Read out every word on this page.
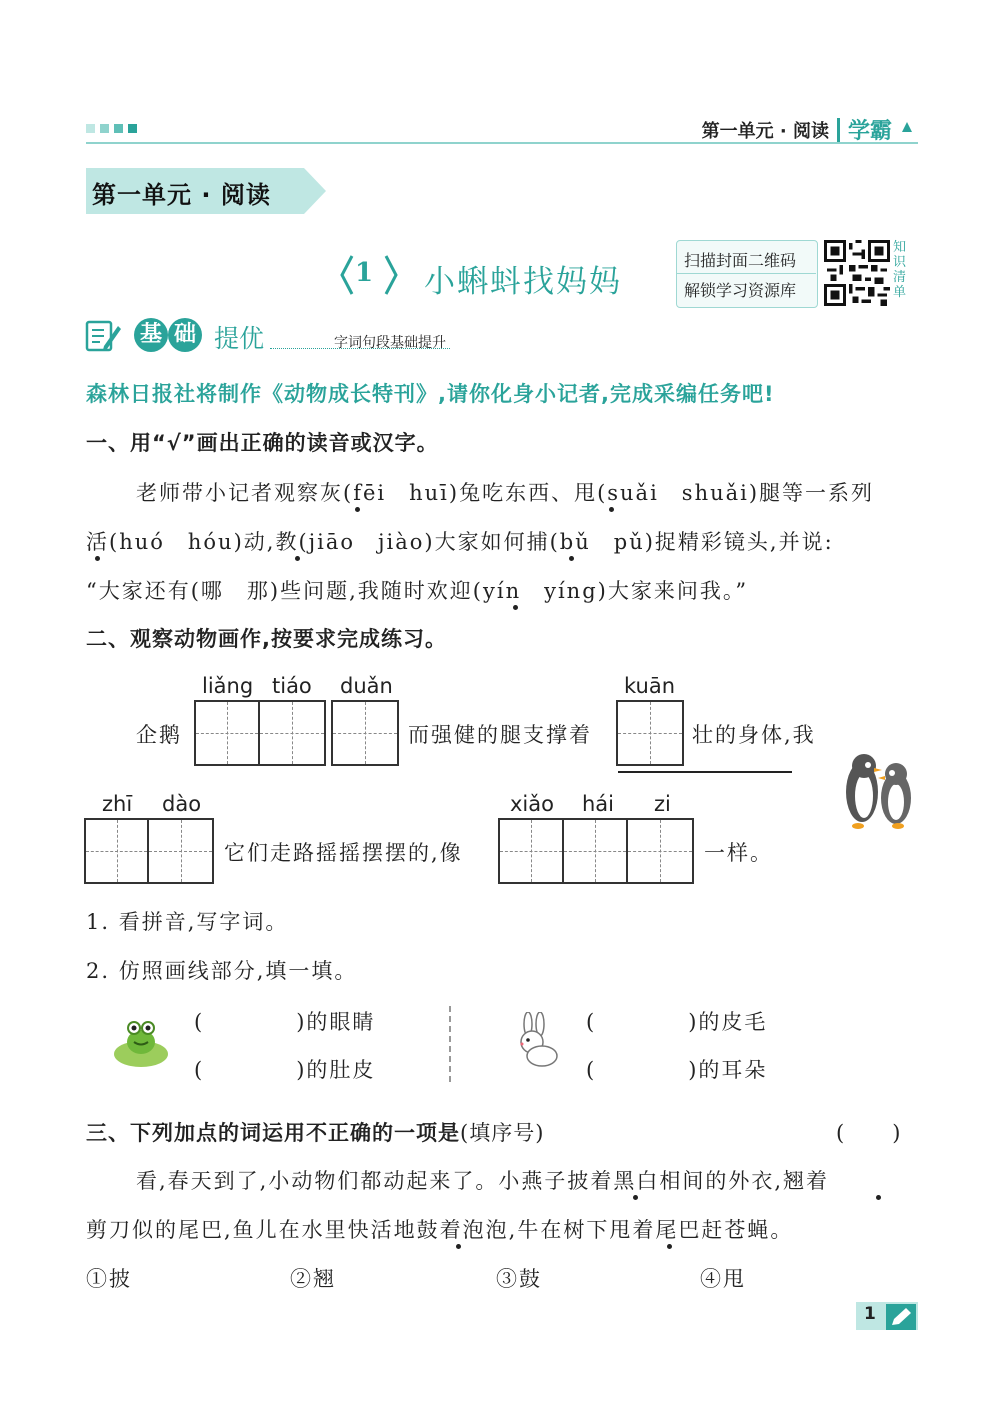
第一单元 · 阅读 学霸
第一单元 · 阅读
1 小蝌蚪找妈妈
扫描封面二维码
解锁学习资源库
知识清单
基 础 提优	字词句段基础提升
森林日报社将制作《动物成长特刊》,请你化身小记者,完成采编任务吧!
一、用“√”画出正确的读音或汉字。
老师带小记者观察灰(fēi　huī)兔吃东西、甩(suǎi　shuǎi)腿等一系列
活(huó　hóu)动,教(jiāo　jiào)大家如何捕(bǔ　pǔ)捉精彩镜头,并说:
“大家还有(哪　那)些问题,我随时欢迎(yín　yíng)大家来问我。”
二、观察动物画作,按要求完成练习。
liǎng tiáo duǎn	kuān
企鹅	而强健的腿支撑着	壮的身体,我
zhī dào	xiǎo hái zi
它们走路摇摇摆摆的,像	一样。
1. 看拼音,写字词。
2. 仿照画线部分,填一填。
(　　　　)的眼睛
(　　　　)的肚皮
(　　　　)的皮毛
(　　　　)的耳朵
三、下列加点的词运用不正确的一项是(填序号)	(　　)
看,春天到了,小动物们都动起来了。小燕子披着黑白相间的外衣,翘着
剪刀似的尾巴,鱼儿在水里快活地鼓着泡泡,牛在树下甩着尾巴赶苍蝇。
①披	②翘	③鼓	④甩
1
